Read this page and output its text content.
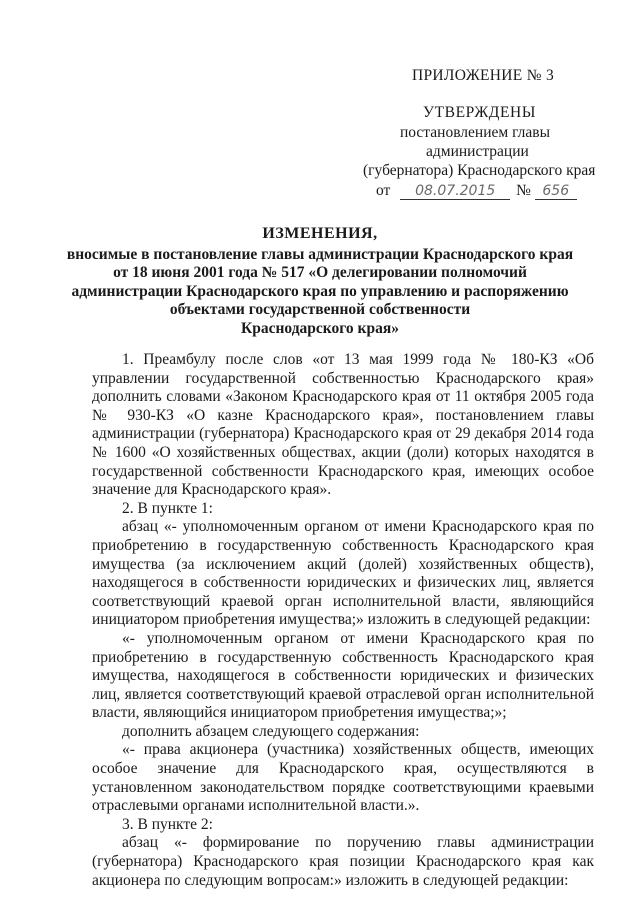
ПРИЛОЖЕНИЕ № 3
УТВЕРЖДЕНЫ
постановлением главы
администрации
(губернатора) Краснодарского края
от 08.07.2015 № 656
ИЗМЕНЕНИЯ,
вносимые в постановление главы администрации Краснодарского края
от 18 июня 2001 года № 517 «О делегировании полномочий
администрации Краснодарского края по управлению и распоряжению
объектами государственной собственности
Краснодарского края»

1. Преамбулу после слов «от 13 мая 1999 года № 180-КЗ «Об управлении государственной собственностью Краснодарского края» дополнить словами «Законом Краснодарского края от 11 октября 2005 года № 930-КЗ «О казне Краснодарского края», постановлением главы администрации (губернатора) Краснодарского края от 29 декабря 2014 года № 1600 «О хозяйственных обществах, акции (доли) которых находятся в государственной собственности Краснодарского края, имеющих особое значение для Краснодарского края».

2. В пункте 1:

абзац «- уполномоченным органом от имени Краснодарского края по приобретению в государственную собственность Краснодарского края имущества (за исключением акций (долей) хозяйственных обществ), находящегося в собственности юридических и физических лиц, является соответствующий краевой орган исполнительной власти, являющийся инициатором приобретения имущества;» изложить в следующей редакции:

«- уполномоченным органом от имени Краснодарского края по приобретению в государственную собственность Краснодарского края имущества, находящегося в собственности юридических и физических лиц, является соответствующий краевой отраслевой орган исполнительной власти, являющийся инициатором приобретения имущества;»;

дополнить абзацем следующего содержания:

«- права акционера (участника) хозяйственных обществ, имеющих особое значение для Краснодарского края, осуществляются в установленном законодательством порядке соответствующими краевыми отраслевыми органами исполнительной власти.».

3. В пункте 2:

абзац «- формирование по поручению главы администрации (губернатора) Краснодарского края позиции Краснодарского края как акционера по следующим вопросам:» изложить в следующей редакции:
